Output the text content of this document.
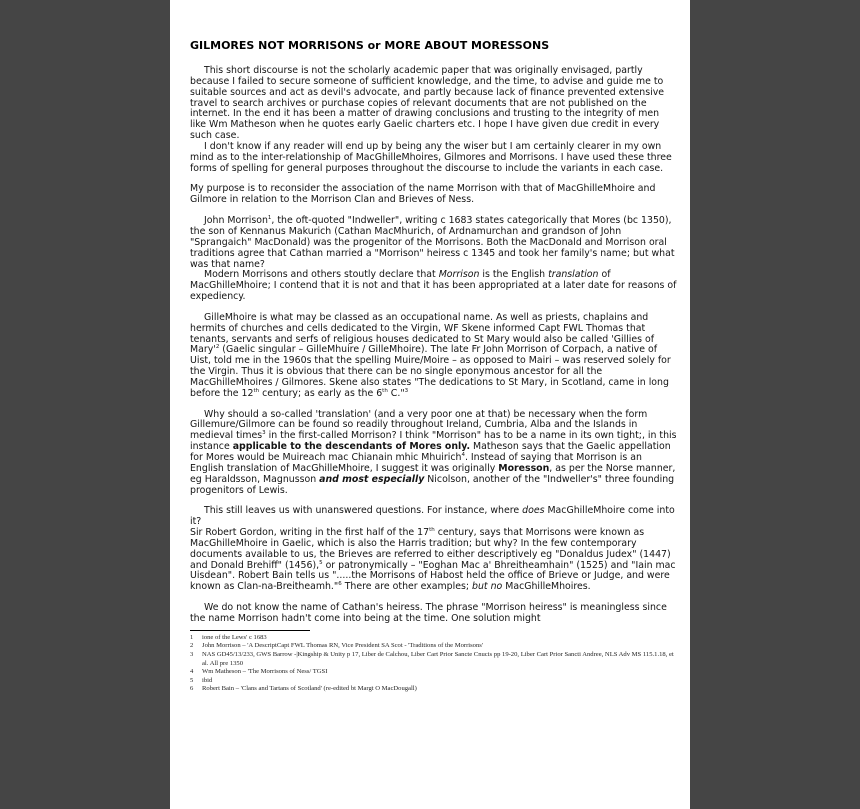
GILMORES NOT MORRISONS or MORE ABOUT MORESSONS

This short discourse is not the scholarly academic paper that was originally envisaged, partly because I failed to secure someone of sufficient knowledge, and the time, to advise and guide me to suitable sources and act as devil's advocate, and partly because lack of finance prevented extensive travel to search archives or purchase copies of relevant documents that are not published on the internet. In the end it has been a matter of drawing conclusions and trusting to the integrity of men like Wm Matheson when he quotes early Gaelic charters etc. I hope I have given due credit in every such case.

I don't know if any reader will end up by being any the wiser but I am certainly clearer in my own mind as to the inter-relationship of MacGhilleMhoires, Gilmores and Morrisons. I have used these three forms of spelling for general purposes throughout the discourse to include the variants in each case.

My purpose is to reconsider the association of the name Morrison with that of MacGhilleMhoire and Gilmore in relation to the Morrison Clan and Brieves of Ness.

John Morrison$^1$, the oft-quoted "Indweller", writing c 1683 states categorically that Mores (bc 1350), the son of Kennanus Makurich (Cathan MacMhurich, of Ardnamurchan and grandson of John "Sprangaich" MacDonald) was the progenitor of the Morrisons. Both the MacDonald and Morrison oral traditions agree that Cathan married a "Morrison" heiress c 1345 and took her family's name; but what was that name?

Modern Morrisons and others stoutly declare that Morrison is the English translation of MacGhilleMhoire; I contend that it is not and that it has been appropriated at a later date for reasons of expediency.

GilleMhoire is what may be classed as an occupational name. As well as priests, chaplains and hermits of churches and cells dedicated to the Virgin, WF Skene informed Capt FWL Thomas that tenants, servants and serfs of religious houses dedicated to St Mary would also be called 'Gillies of $Mary'^2$ (Gaelic singular – GilleMhuire / GilleMhoire). The late Fr John Morrison of Corpach, a native of Uist, told me in the 1960s that the spelling Muire/Moire – as opposed to Mairi – was reserved solely for the Virgin. Thus it is obvious that there can be no single eponymous ancestor for all the MacGhilleMhoires / Gilmores. Skene also states "The dedications to St Mary, in Scotland, came in long before the 12th century; as early as the 6th C."$^3$

Why should a so-called 'translation' (and a very poor one at that) be necessary when the form Gillemure/Gilmore can be found so readily throughout Ireland, Cumbria, Alba and the Islands in medieval times$^3$ in the first-called Morrison? I think "Morrison" has to be a name in its own tight;, in this instance applicable to the descendants of Mores only. Matheson says that the Gaelic appellation for Mores would be Muireach mac Chianain mhic Mhuirich$^4$. Instead of saying that Morrison is an English translation of MacGhilleMhoire, I suggest it was originally Moresson, as per the Norse manner, eg Haraldsson, Magnusson and most especially Nicolson, another of the "Indweller's" three founding progenitors of Lewis.

This still leaves us with unanswered questions. For instance, where does MacGhilleMhoire come into it?

Sir Robert Gordon, writing in the first half of the 17th century, says that Morrisons were known as MacGhilleMhoire in Gaelic, which is also the Harris tradition; but why? In the few contemporary documents available to us, the Brieves are referred to either descriptively eg "Donaldus Judex" (1447) and Donald Brehiff" (1456),$^5$ or patronymically – "Eoghan Mac a' Bhreitheamhain" (1525) and "Iain mac Uisdean". Robert Bain tells us ".....the Morrisons of Habost held the office of Brieve or Judge, and were known as Clan-na-Breitheamh."$^6$ There are other examples; but no MacGhilleMhoires.

We do not know the name of Cathan's heiress. The phrase "Morrison heiress" is meaningless since the name Morrison hadn't come into being at the time. One solution might

1	ione of the Lews' c 1683
2	John Morrison – 'A DescriptCapt FWL Thomas RN, Vice President SA Scot - 'Traditions of the Morrisons'
3	NAS GD45/13/233, GWS Barrow -|Kingship & Unity p 17, Liber de Calchou, Liber Cart Prior Sancte Cnucis pp 19-20, Liber Cart Prior Sancti Andree, NLS Adv MS 115.1.18, et al. All pre 1350
4	Wm Matheson – 'The Morrisons of Ness/ TGSI
5	ibid
6	Robert Bain – 'Clans and Tartans of Scotland' (re-edited bt Margt O MacDougall)
